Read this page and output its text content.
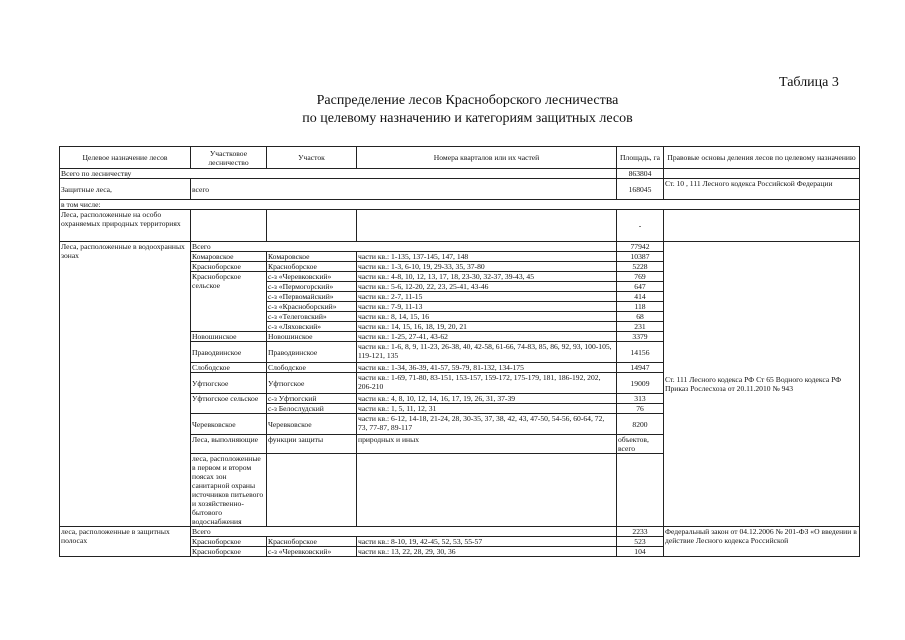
Таблица 3
Распределение лесов Красноборского лесничества
по целевому назначению и категориям защитных лесов
Целевое назначение лесов	Участковое лесничество	Участок	Номера кварталов или их частей	Площадь, га	Правовые основы деления лесов по целевому назначению	
Всего по лесничеству				863804		
Защитные леса,	всего			168045	Ст. 10 , 111 Лесного кодекса Российской Федерации	
в том числе:						
Леса, расположенные на особо охраняемых природных территориях				-		
Леса, расположенные в водоохранных зонах	Всего			77942	Ст. 111 Лесного кодекса РФ Ст 65 Водного кодекса РФ Приказ Рослесхоза от 20.11.2010 № 943	
	Комаровское	Комаровское	части кв.: 1-135, 137-145, 147, 148	10387		
	Красноборское	Красноборское	части кв.: 1-3, 6-10, 19, 29-33, 35, 37-80	5228		
	Красноборское сельское	с-з «Черевковский»	части кв.: 4-8, 10, 12, 13, 17, 18, 23-30, 32-37, 39-43, 45	769		
		с-з «Пермогорский»	части кв.: 5-6, 12-20, 22, 23, 25-41, 43-46	647		
		с-з «Первомайский»	части кв.: 2-7, 11-15	414		
		с-з «Красноборский»	части кв.: 7-9, 11-13	118		
		с-з «Телеговский»	части кв.: 8, 14, 15, 16	68		
		с-з «Ляховский»	части кв.: 14, 15, 16, 18, 19, 20, 21	231		
	Новошинское	Новошинское	части кв.: 1-25, 27-41, 43-62	3379		
	Праводвинское	Праводвинское	части кв.: 1-6, 8, 9, 11-23, 26-38, 40, 42-58, 61-66, 74-83, 85, 86, 92, 93, 100-105, 119-121, 135	14156		
	Слободское	Слободское	части кв.: 1-34, 36-39, 41-57, 59-79, 81-132, 134-175	14947		
	Уфтюгское	Уфтюгское	части кв.: 1-69, 71-80, 83-151, 153-157, 159-172, 175-179, 181, 186-192, 202, 206-210	19009		
	Уфтюгское сельское	с-з Уфтюгский	части кв.: 4, 8, 10, 12, 14, 16, 17, 19, 26, 31, 37-39	313		
		с-з Белослудский	части кв.: 1, 5, 11, 12, 31	76		
	Черевковское	Черевковское	части кв.: 6-12, 14-18, 21-24, 28, 30-35, 37, 38, 42, 43, 47-50, 54-56, 60-64, 72, 73, 77-87, 89-117	8200		
	Леса, выполняющие	функции защиты	природных и иных	объектов, всего		
	леса, расположенные в первом и втором поясах зон санитарной охраны источников питьевого и хозяйственно-бытового водоснабжения					
леса, расположенные в защитных полосах	Всего			2233	Федеральный закон от 04.12.2006 № 201-ФЗ «О введении в действие Лесного кодекса Российской	
	Красноборское	Красноборское	части кв.: 8-10, 19, 42-45, 52, 53, 55-57	523		
	Красноборское	с-з «Черевковский»	части кв.: 13, 22, 28, 29, 30, 36	104		
